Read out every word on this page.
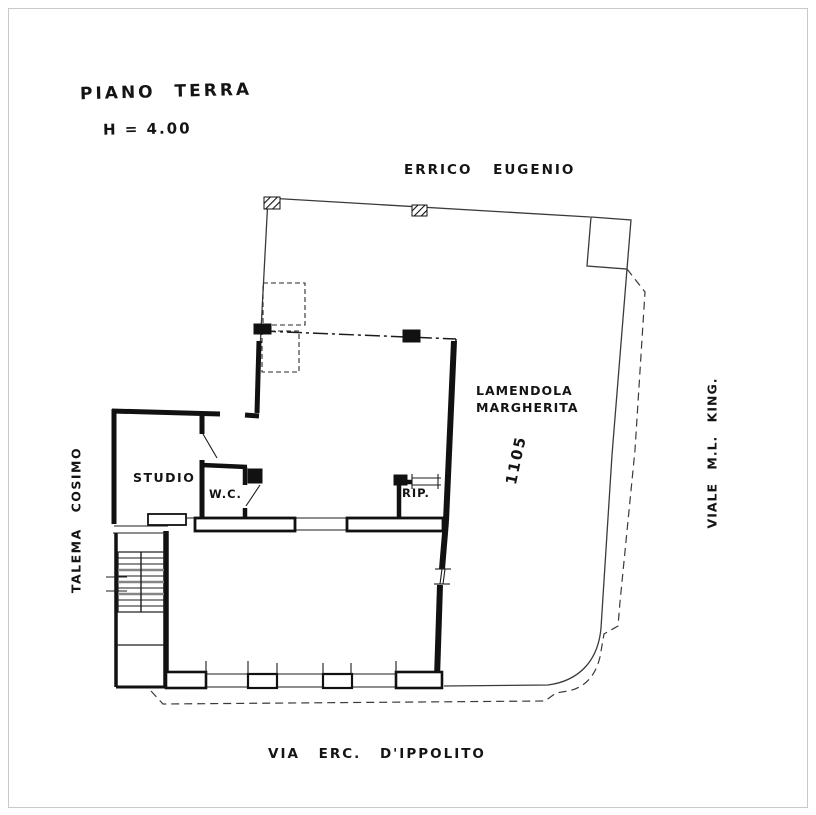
PIANO TERRA
H = 4.00
ERRICO EUGENIO
LAMENDOLA
MARGHERITA
1105
STUDIO
W.C.	RIP.
TALEMA COSIMO	VIALE M.L. KING.
VIA ERC. D'IPPOLITO
